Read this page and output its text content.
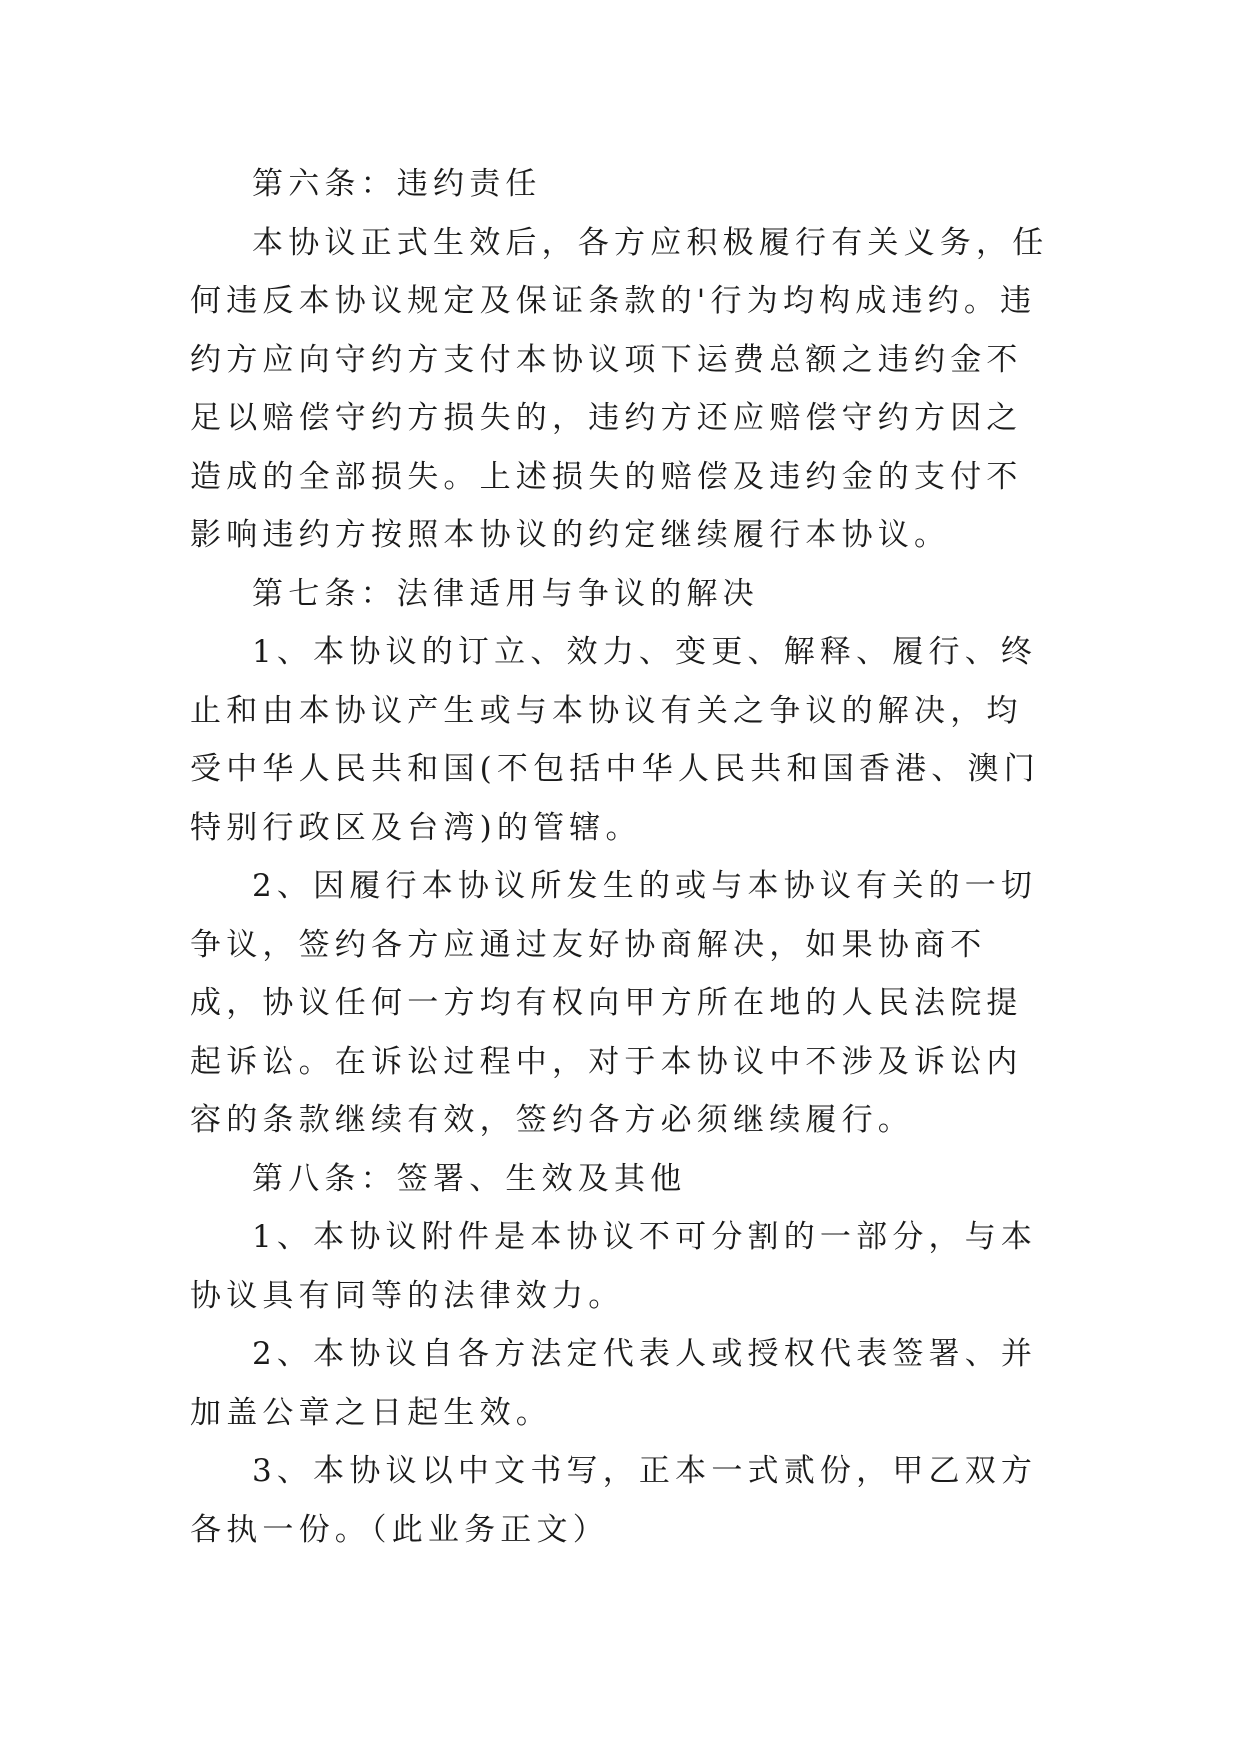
第六条：违约责任

本协议正式生效后，各方应积极履行有关义务，任何违反本协议规定及保证条款的'行为均构成违约。违约方应向守约方支付本协议项下运费总额之违约金不足以赔偿守约方损失的，违约方还应赔偿守约方因之造成的全部损失。上述损失的赔偿及违约金的支付不影响违约方按照本协议的约定继续履行本协议。

第七条：法律适用与争议的解决

1、本协议的订立、效力、变更、解释、履行、终止和由本协议产生或与本协议有关之争议的解决，均受中华人民共和国(不包括中华人民共和国香港、澳门特别行政区及台湾)的管辖。

2、因履行本协议所发生的或与本协议有关的一切争议，签约各方应通过友好协商解决，如果协商不成，协议任何一方均有权向甲方所在地的人民法院提起诉讼。在诉讼过程中，对于本协议中不涉及诉讼内容的条款继续有效，签约各方必须继续履行。

第八条：签署、生效及其他

1、本协议附件是本协议不可分割的一部分，与本协议具有同等的法律效力。

2、本协议自各方法定代表人或授权代表签署、并加盖公章之日起生效。

3、本协议以中文书写，正本一式贰份，甲乙双方各执一份。（此业务正文）
